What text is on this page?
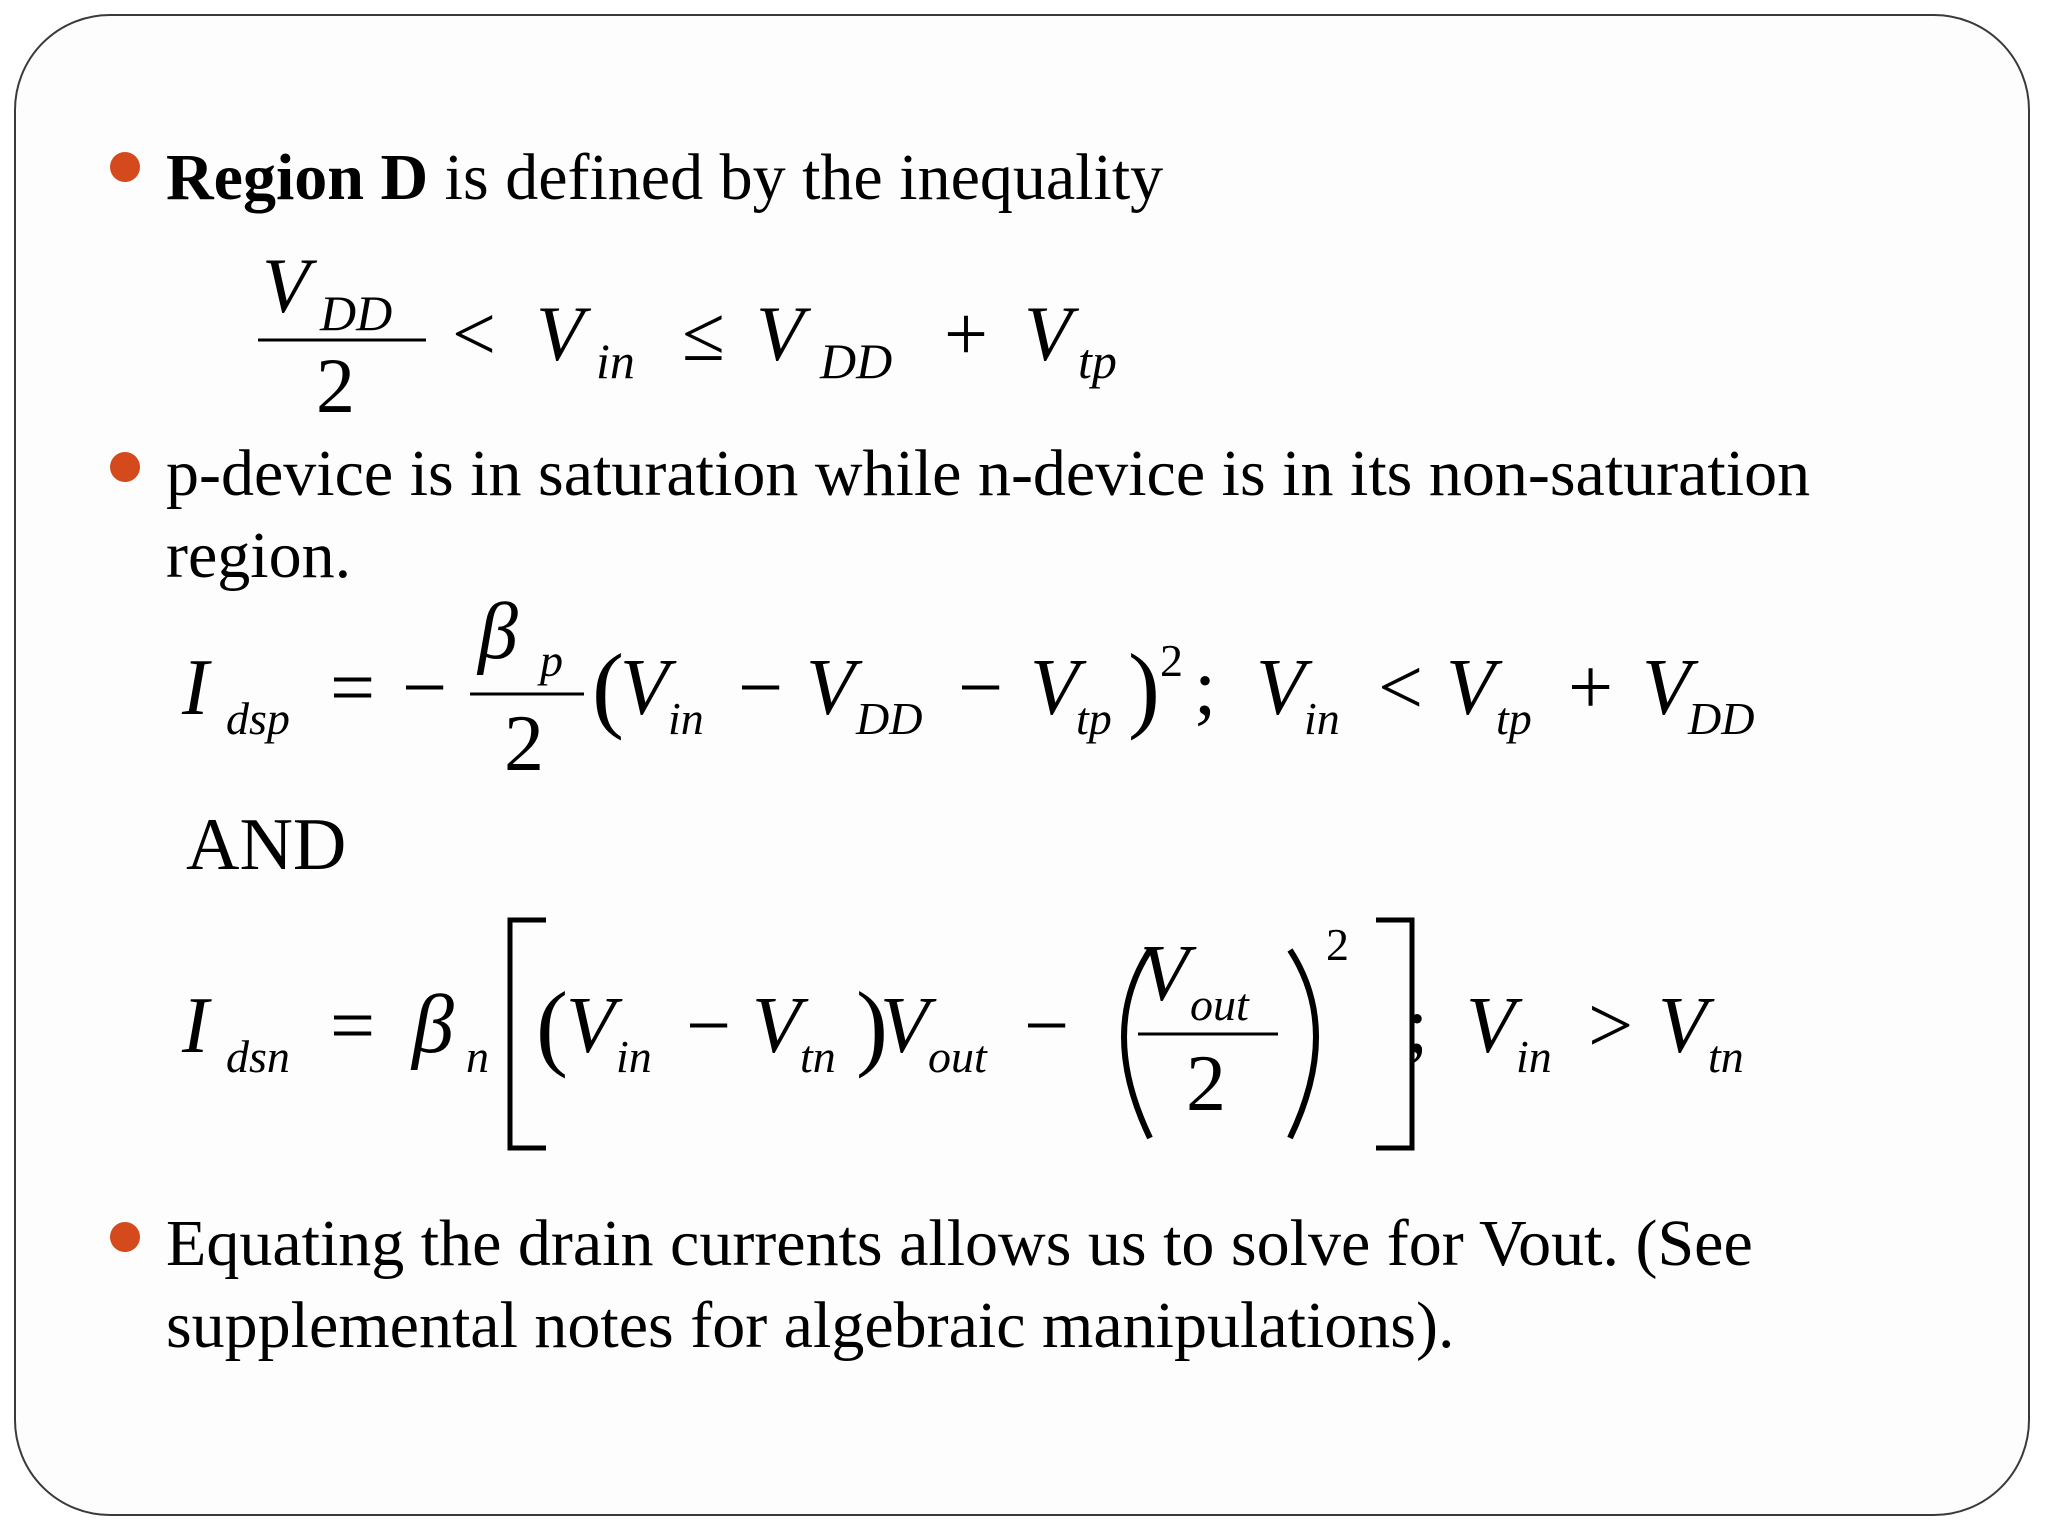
Region D is defined by the inequality
V DD
2
< V in ≤ V DD + V tp
p-device is in saturation while n-device is in its non-saturation
region.
I dsp = −
β p
2
(
V in − V DD − V
tp ) 2 ; V in < V tp + V
DD
AND
I dsn = β n (
V in − V tn )
V out −
V out
2
2
; V in > V tn
Equating the drain currents allows us to solve for Vout. (See
supplemental notes for algebraic manipulations).
